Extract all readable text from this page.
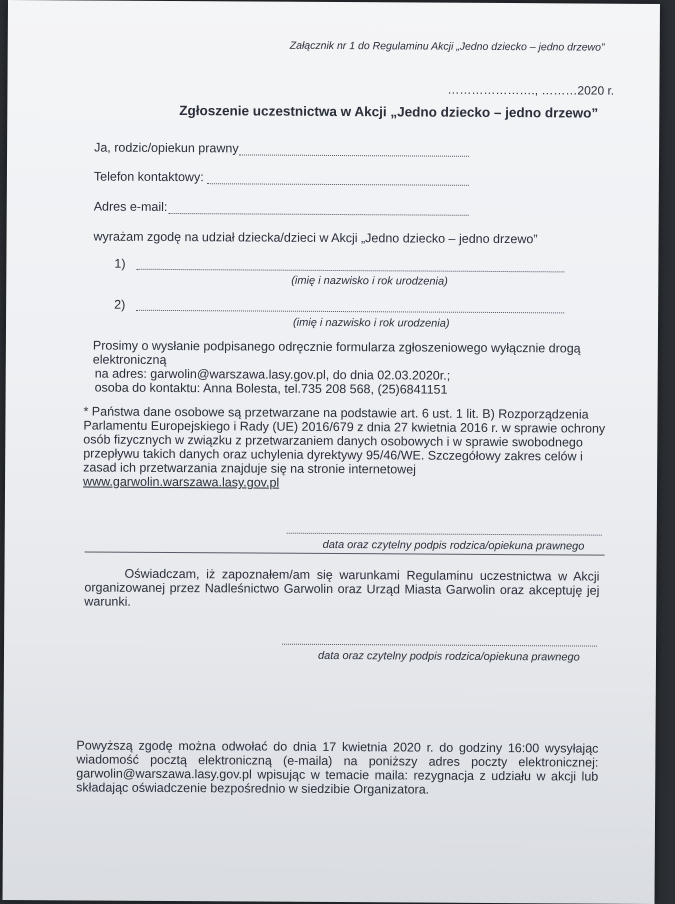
Załącznik nr 1 do Regulaminu Akcji „Jedno dziecko – jedno drzewo”
…………………., ………2020 r.
Zgłoszenie uczestnictwa w Akcji „Jedno dziecko – jedno drzewo”
Ja, rodzic/opiekun prawny
Telefon kontaktowy:
Adres e-mail:
wyrażam zgodę na udział dziecka/dzieci w Akcji „Jedno dziecko – jedno drzewo”
1)
(imię i nazwisko i rok urodzenia)
2)
(imię i nazwisko i rok urodzenia)
Prosimy o wysłanie podpisanego odręcznie formularza zgłoszeniowego wyłącznie drogą
elektroniczną
na adres: garwolin@warszawa.lasy.gov.pl, do dnia 02.03.2020r.;
osoba do kontaktu: Anna Bolesta, tel.735 208 568, (25)6841151
* Państwa dane osobowe są przetwarzane na podstawie art. 6 ust. 1 lit. B) Rozporządzenia
Parlamentu Europejskiego i Rady (UE) 2016/679 z dnia 27 kwietnia 2016 r. w sprawie ochrony
osób fizycznych w związku z przetwarzaniem danych osobowych i w sprawie swobodnego
przepływu takich danych oraz uchylenia dyrektywy 95/46/WE. Szczegółowy zakres celów i
zasad ich przetwarzania znajduje się na stronie internetowej
www.garwolin.warszawa.lasy.gov.pl
data oraz czytelny podpis rodzica/opiekuna prawnego
Oświadczam, iż zapoznałem/am się warunkami Regulaminu uczestnictwa w Akcji
organizowanej przez Nadleśnictwo Garwolin oraz Urząd Miasta Garwolin oraz akceptuję jej
warunki.
data oraz czytelny podpis rodzica/opiekuna prawnego
Powyższą zgodę można odwołać do dnia 17 kwietnia 2020 r. do godziny 16:00 wysyłając
wiadomość pocztą elektroniczną (e-maila) na poniższy adres poczty elektronicznej:
garwolin@warszawa.lasy.gov.pl wpisując w temacie maila: rezygnacja z udziału w akcji lub
składając oświadczenie bezpośrednio w siedzibie Organizatora.
